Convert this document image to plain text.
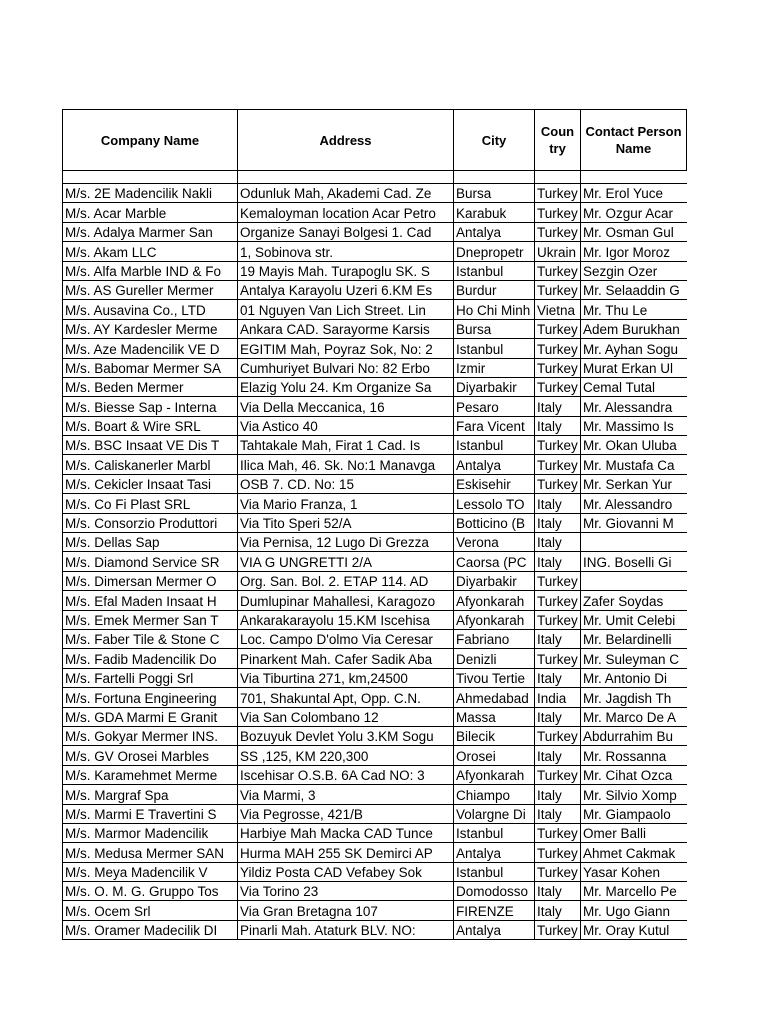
Company Name	Address	City	Coun try	Contact Person Name

M/s. 2E Madencilik Nakli	Odunluk Mah, Akademi Cad. Ze	Bursa	Turkey	Mr. Erol Yuce
M/s. Acar Marble	Kemaloyman location Acar Petro	Karabuk	Turkey	Mr. Ozgur Acar
M/s. Adalya Marmer San	Organize Sanayi Bolgesi 1. Cad	Antalya	Turkey	Mr. Osman Gul
M/s. Akam LLC	1, Sobinova str.	Dnepropetr	Ukrain	Mr. Igor Moroz
M/s. Alfa Marble IND & Fo	19 Mayis Mah. Turapoglu SK. S	Istanbul	Turkey	Sezgin Ozer
M/s. AS Gureller Mermer	Antalya Karayolu Uzeri 6.KM Es	Burdur	Turkey	Mr. Selaaddin G
M/s. Ausavina Co., LTD	01 Nguyen Van Lich Street. Lin	Ho Chi Minh	Vietna	Mr. Thu Le
M/s. AY Kardesler Merme	Ankara CAD. Sarayorme Karsis	Bursa	Turkey	Adem Burukhan
M/s. Aze Madencilik VE D	EGITIM Mah, Poyraz Sok, No: 2	Istanbul	Turkey	Mr. Ayhan Sogu
M/s. Babomar Mermer SA	Cumhuriyet Bulvari No: 82 Erbo	Izmir	Turkey	Murat Erkan Ul
M/s. Beden Mermer	Elazig Yolu 24. Km Organize Sa	Diyarbakir	Turkey	Cemal Tutal
M/s. Biesse Sap - Interna	Via Della Meccanica, 16	Pesaro	Italy	Mr. Alessandra
M/s. Boart & Wire SRL	Via Astico 40	Fara Vicent	Italy	Mr. Massimo Is
M/s. BSC Insaat VE Dis T	Tahtakale Mah, Firat 1 Cad. Is	Istanbul	Turkey	Mr. Okan Uluba
M/s. Caliskanerler Marbl	Ilica Mah, 46. Sk. No:1 Manavga	Antalya	Turkey	Mr. Mustafa Ca
M/s. Cekicler Insaat Tasi	OSB 7. CD. No: 15	Eskisehir	Turkey	Mr. Serkan Yur
M/s. Co Fi Plast SRL	Via Mario Franza, 1	Lessolo TO	Italy	Mr. Alessandro
M/s. Consorzio Produttori	Via Tito Speri 52/A	Botticino (B	Italy	Mr. Giovanni M
M/s. Dellas Sap	Via Pernisa, 12 Lugo Di Grezza	Verona	Italy	
M/s. Diamond Service SR	VIA G UNGRETTI 2/A	Caorsa (PC	Italy	ING. Boselli Gi
M/s. Dimersan Mermer O	Org. San. Bol. 2. ETAP 114. AD	Diyarbakir	Turkey	
M/s. Efal Maden Insaat H	Dumlupinar Mahallesi, Karagozo	Afyonkarah	Turkey	Zafer Soydas
M/s. Emek Mermer San T	Ankarakarayolu 15.KM Iscehisa	Afyonkarah	Turkey	Mr. Umit Celebi
M/s. Faber Tile & Stone C	Loc. Campo D'olmo Via Ceresar	Fabriano	Italy	Mr. Belardinelli
M/s. Fadib Madencilik Do	Pinarkent Mah. Cafer Sadik Aba	Denizli	Turkey	Mr. Suleyman C
M/s. Fartelli Poggi Srl	Via Tiburtina 271, km,24500	Tivou Tertie	Italy	Mr. Antonio Di
M/s. Fortuna Engineering	701, Shakuntal Apt, Opp. C.N.	Ahmedabad	India	Mr. Jagdish Th
M/s. GDA Marmi E Granit	Via San Colombano 12	Massa	Italy	Mr. Marco De A
M/s. Gokyar Mermer INS.	Bozuyuk Devlet Yolu 3.KM Sogu	Bilecik	Turkey	Abdurrahim Bu
M/s. GV Orosei Marbles	SS ,125, KM 220,300	Orosei	Italy	Mr. Rossanna
M/s. Karamehmet Merme	Iscehisar O.S.B. 6A Cad NO: 3	Afyonkarah	Turkey	Mr. Cihat Ozca
M/s. Margraf Spa	Via Marmi, 3	Chiampo	Italy	Mr. Silvio Xomp
M/s. Marmi E Travertini S	Via Pegrosse, 421/B	Volargne Di	Italy	Mr. Giampaolo
M/s. Marmor Madencilik	Harbiye Mah Macka CAD Tunce	Istanbul	Turkey	Omer Balli
M/s. Medusa Mermer SAN	Hurma MAH 255 SK Demirci AP	Antalya	Turkey	Ahmet Cakmak
M/s. Meya Madencilik V	Yildiz Posta CAD Vefabey Sok	Istanbul	Turkey	Yasar Kohen
M/s. O. M. G. Gruppo Tos	Via Torino 23	Domodosso	Italy	Mr. Marcello Pe
M/s. Ocem Srl	Via Gran Bretagna 107	FIRENZE	Italy	Mr. Ugo Giann
M/s. Oramer Madecilik DI	Pinarli Mah. Ataturk BLV. NO:	Antalya	Turkey	Mr. Oray Kutul
